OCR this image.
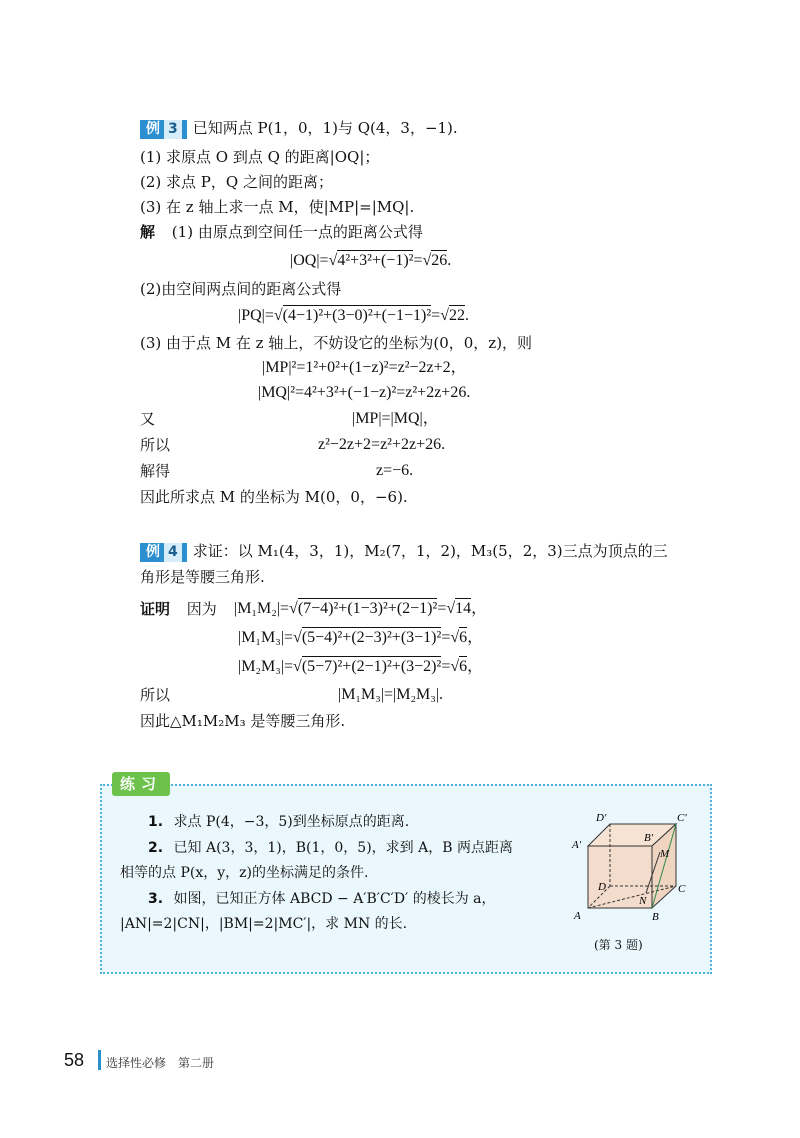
例 3 已知两点 P(1，0，1)与 Q(4，3，−1).
(1) 求原点 O 到点 Q 的距离|OQ|；
(2) 求点 P，Q 之间的距离；
(3) 在 z 轴上求一点 M，使|MP|=|MQ|.
解 (1) 由原点到空间任一点的距离公式得
|OQ|=√4²+3²+(−1)²=√26.
(2)由空间两点间的距离公式得
|PQ|=√(4−1)²+(3−0)²+(−1−1)²=√22.
(3) 由于点 M 在 z 轴上，不妨设它的坐标为(0，0，z)，则
|MP|²=1²+0²+(1−z)²=z²−2z+2，
|MQ|²=4²+3²+(−1−z)²=z²+2z+26.
又	|MP|=|MQ|，
所以	z²−2z+2=z²+2z+26.
解得	z=−6.
因此所求点 M 的坐标为 M(0，0，−6).
例 4 求证：以 M₁(4，3，1)，M₂(7，1，2)，M₃(5，2，3)三点为顶点的三
角形是等腰三角形.
证明 因为 |M₁M₂|=√(7−4)²+(1−3)²+(2−1)²=√14，
|M₁M₃|=√(5−4)²+(2−3)²+(3−1)²=√6，
|M₂M₃|=√(5−7)²+(2−1)²+(3−2)²=√6，
所以	|M₁M₃|=|M₂M₃|.
因此△M₁M₂M₃ 是等腰三角形.
练习
1. 求点 P(4，−3，5)到坐标原点的距离.
2. 已知 A(3，3，1)，B(1，0，5)，求到 A，B 两点距离
相等的点 P(x，y，z)的坐标满足的条件.
3. 如图，已知正方体 ABCD − A′B′C′D′ 的棱长为 a，
|AN|=2|CN|，|BM|=2|MC′|，求 MN 的长.
D′	C′
B′
A′
M
D	C
N
A	B
(第 3 题)
58 选择性必修　第二册
